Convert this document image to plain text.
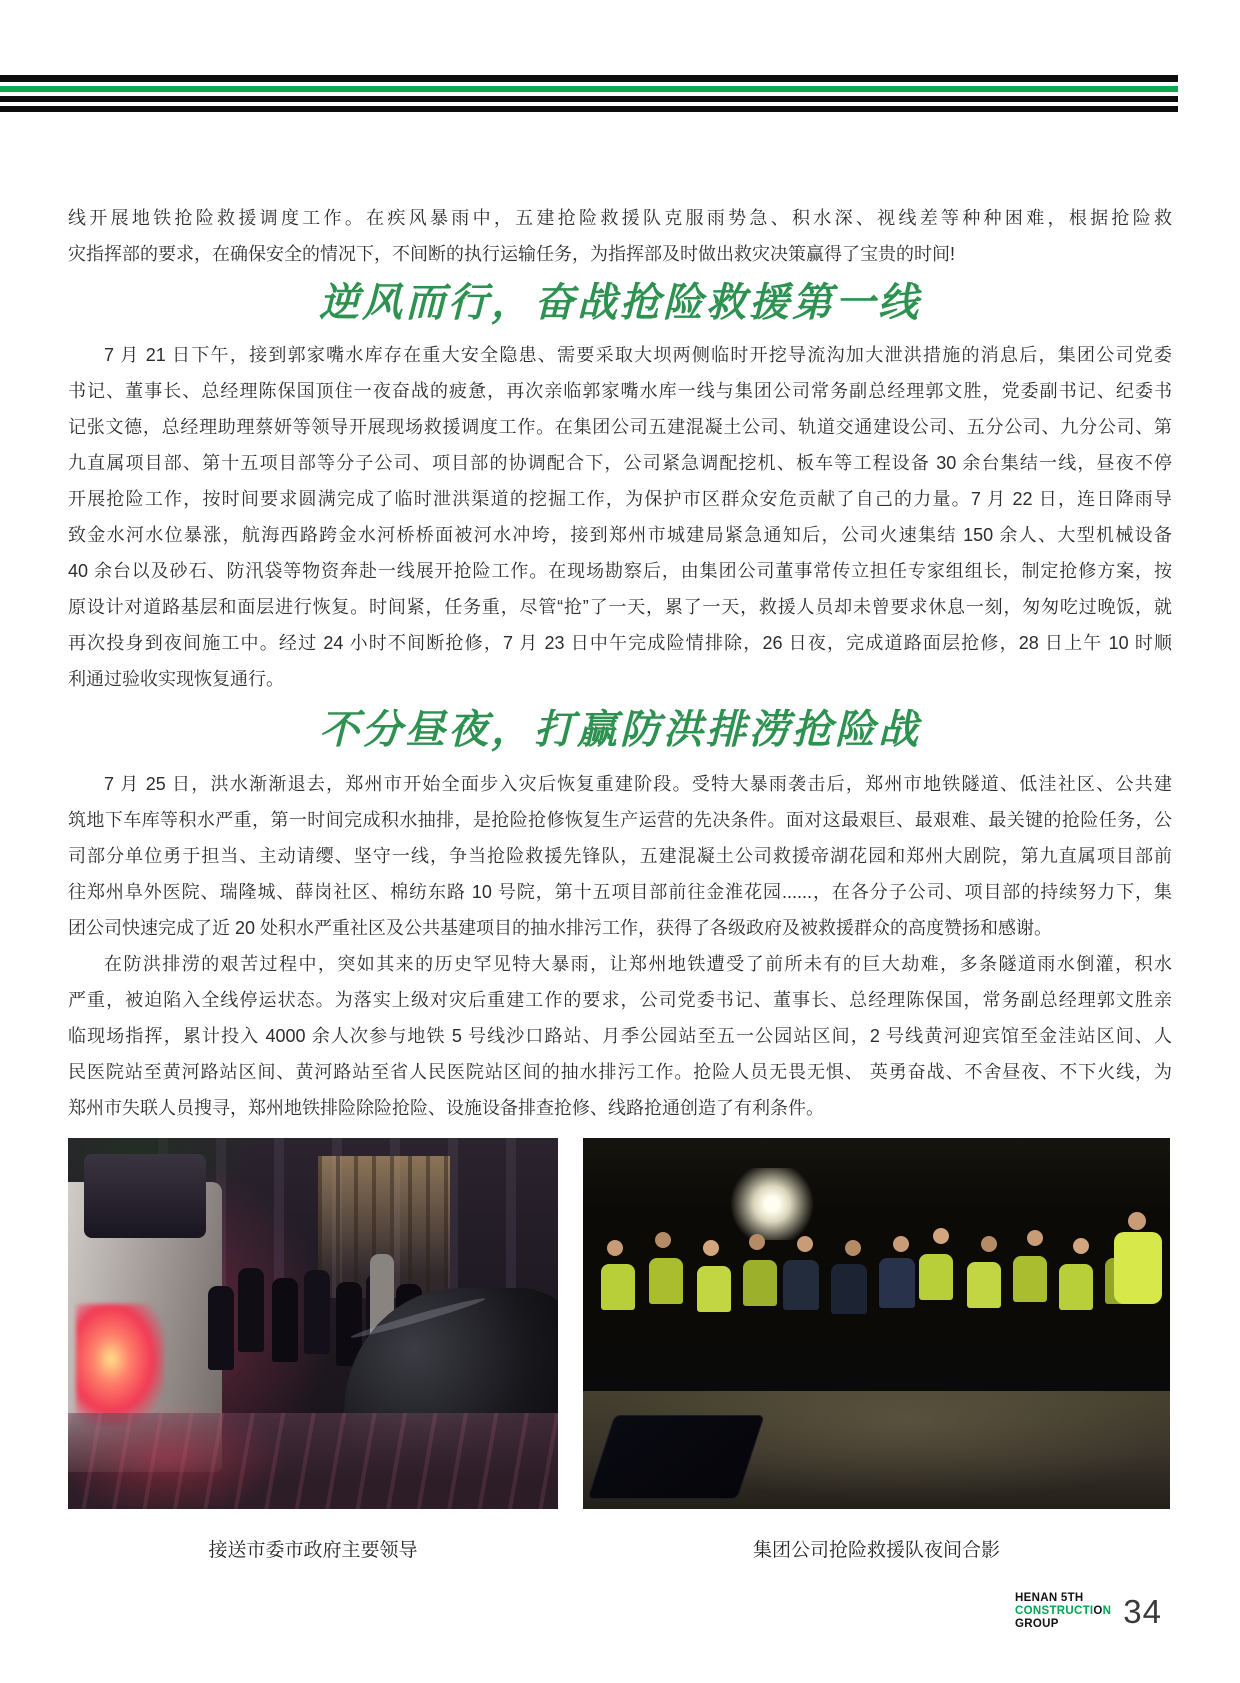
线开展地铁抢险救援调度工作。在疾风暴雨中，五建抢险救援队克服雨势急、积水深、视线差等种种困难，根据抢险救
灾指挥部的要求，在确保安全的情况下，不间断的执行运输任务，为指挥部及时做出救灾决策赢得了宝贵的时间!
逆风而行，奋战抢险救援第一线
7 月 21 日下午，接到郭家嘴水库存在重大安全隐患、需要采取大坝两侧临时开挖导流沟加大泄洪措施的消息后，集团公司党委
书记、董事长、总经理陈保国顶住一夜奋战的疲惫，再次亲临郭家嘴水库一线与集团公司常务副总经理郭文胜，党委副书记、纪委书
记张文德，总经理助理蔡妍等领导开展现场救援调度工作。在集团公司五建混凝土公司、轨道交通建设公司、五分公司、九分公司、第
九直属项目部、第十五项目部等分子公司、项目部的协调配合下，公司紧急调配挖机、板车等工程设备 30 余台集结一线，昼夜不停
开展抢险工作，按时间要求圆满完成了临时泄洪渠道的挖掘工作，为保护市区群众安危贡献了自己的力量。7 月 22 日，连日降雨导
致金水河水位暴涨，航海西路跨金水河桥桥面被河水冲垮，接到郑州市城建局紧急通知后，公司火速集结 150 余人、大型机械设备
40 余台以及砂石、防汛袋等物资奔赴一线展开抢险工作。在现场勘察后，由集团公司董事常传立担任专家组组长，制定抢修方案，按
原设计对道路基层和面层进行恢复。时间紧，任务重，尽管“抢”了一天，累了一天，救援人员却未曾要求休息一刻，匆匆吃过晚饭，就
再次投身到夜间施工中。经过 24 小时不间断抢修，7 月 23 日中午完成险情排除，26 日夜，完成道路面层抢修，28 日上午 10 时顺
利通过验收实现恢复通行。
不分昼夜，打赢防洪排涝抢险战
7 月 25 日，洪水渐渐退去，郑州市开始全面步入灾后恢复重建阶段。受特大暴雨袭击后，郑州市地铁隧道、低洼社区、公共建
筑地下车库等积水严重，第一时间完成积水抽排，是抢险抢修恢复生产运营的先决条件。面对这最艰巨、最艰难、最关键的抢险任务，公
司部分单位勇于担当、主动请缨、坚守一线，争当抢险救援先锋队，五建混凝土公司救援帝湖花园和郑州大剧院，第九直属项目部前
往郑州阜外医院、瑞隆城、薛岗社区、棉纺东路 10 号院，第十五项目部前往金淮花园......，在各分子公司、项目部的持续努力下，集
团公司快速完成了近 20 处积水严重社区及公共基建项目的抽水排污工作，获得了各级政府及被救援群众的高度赞扬和感谢。
在防洪排涝的艰苦过程中，突如其来的历史罕见特大暴雨，让郑州地铁遭受了前所未有的巨大劫难，多条隧道雨水倒灌，积水
严重，被迫陷入全线停运状态。为落实上级对灾后重建工作的要求，公司党委书记、董事长、总经理陈保国，常务副总经理郭文胜亲
临现场指挥，累计投入 4000 余人次参与地铁 5 号线沙口路站、月季公园站至五一公园站区间，2 号线黄河迎宾馆至金洼站区间、人
民医院站至黄河路站区间、黄河路站至省人民医院站区间的抽水排污工作。抢险人员无畏无惧、 英勇奋战、不舍昼夜、不下火线，为
郑州市失联人员搜寻，郑州地铁排险除险抢险、设施设备排查抢修、线路抢通创造了有利条件。
接送市委市政府主要领导	集团公司抢险救援队夜间合影
HENAN 5TH
CONSTRUCTION
GROUP	34
